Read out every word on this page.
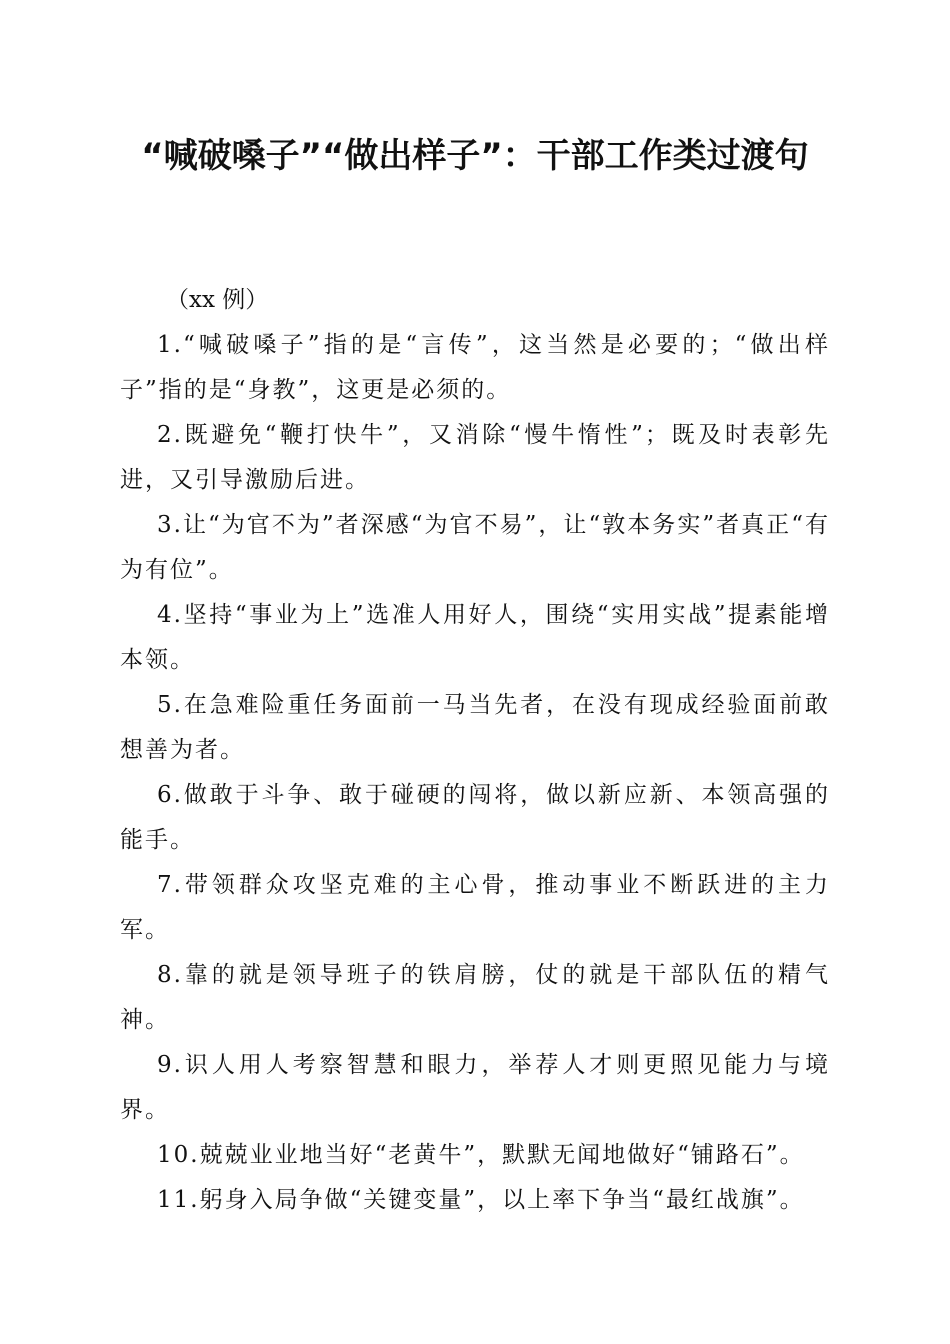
“喊破嗓子”“做出样子”：干部工作类过渡句

（xx 例）

1.“喊破嗓子”指的是“言传”，这当然是必要的；“做出样子”指的是“身教”，这更是必须的。

2.既避免“鞭打快牛”，又消除“慢牛惰性”；既及时表彰先进，又引导激励后进。

3.让“为官不为”者深感“为官不易”，让“敦本务实”者真正“有为有位”。

4.坚持“事业为上”选准人用好人，围绕“实用实战”提素能增本领。

5.在急难险重任务面前一马当先者，在没有现成经验面前敢想善为者。

6.做敢于斗争、敢于碰硬的闯将，做以新应新、本领高强的能手。

7.带领群众攻坚克难的主心骨，推动事业不断跃进的主力军。

8.靠的就是领导班子的铁肩膀，仗的就是干部队伍的精气神。

9.识人用人考察智慧和眼力，举荐人才则更照见能力与境界。

10.兢兢业业地当好“老黄牛”，默默无闻地做好“铺路石”。

11.躬身入局争做“关键变量”，以上率下争当“最红战旗”。
